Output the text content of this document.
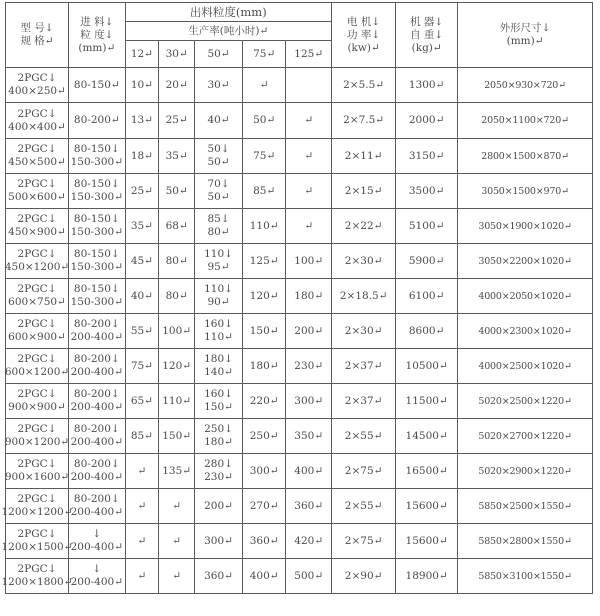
型 号↓
规 格↵	进 料↓
粒 度↓
(mm)↵	出料粒度(mm)					电 机↓
功 率↓
(kw)↵	机 器↓
自 重↓
(kg)↵	外形尺寸↓
(mm)↵

		生产率(吨小时)↵							
		12↵	30↵	50↵	75↵	125↵			

2PGC↓
400×250↵	80-150↵	10↵	20↵	30↵	↵		2×5.5↵	1300↵	2050×930×720↵

2PGC↓
400×400↵	80-200↵	13↵	25↵	40↵	50↵	↵	2×7.5↵	2000↵	2050×1100×720↵

2PGC↓
450×500↵	80-150↓
150-300↵	18↵	35↵	50↓
50↵	75↵	↵	2×11↵	3150↵	2800×1500×870↵

2PGC↓
500×600↵	80-150↓
150-300↵	25↵	50↵	70↓
50↵	85↵	↵	2×15↵	3500↵	3050×1500×970↵

2PGC↓
450×900↵	80-150↓
150-300↵	35↵	68↵	85↓
80↵	110↵	↵	2×22↵	5100↵	3050×1900×1020↵

2PGC↓
450×1200↵	80-150↓
150-300↵	45↵	80↵	110↓
95↵	125↵	100↵	2×30↵	5900↵	3050×2200×1020↵

2PGC↓
600×750↵	80-150↓
150-300↵	40↵	80↵	110↓
90↵	120↵	180↵	2×18.5↵	6100↵	4000×2050×1020↵

2PGC↓
600×900↵	80-200↓
200-400↵	55↵	100↵	160↓
110↵	150↵	200↵	2×30↵	8600↵	4000×2300×1020↵

2PGC↓
600×1200↵	80-200↓
200-400↵	75↵	120↵	180↓
140↵	180↵	230↵	2×37↵	10500↵	4000×2500×1020↵

2PGC↓
900×900↵	80-200↓
200-400↵	65↵	110↵	160↓
150↵	220↵	300↵	2×37↵	11500↵	5020×2500×1220↵

2PGC↓
900×1200↵	80-200↓
200-400↵	85↵	150↵	250↓
180↵	250↵	350↵	2×55↵	14500↵	5020×2700×1220↵

2PGC↓
900×1600↵	80-200↓
200-400↵	↵	135↵	280↓
230↵	300↵	400↵	2×75↵	16500↵	5020×2900×1220↵

2PGC↓
1200×1200↵	80-200↓
200-400↵	↵	↵	200↵	270↵	360↵	2×55↵	15600↵	5850×2500×1550↵

2PGC↓
1200×1500↵	↓
200-400↵	↵	↵	300↵	360↵	420↵	2×75↵	15600↵	5850×2800×1550↵

2PGC↓
1200×1800↵	↓
200-400↵	↵	↵	360↵	400↵	500↵	2×90↵	18900↵	5850×3100×1550↵
